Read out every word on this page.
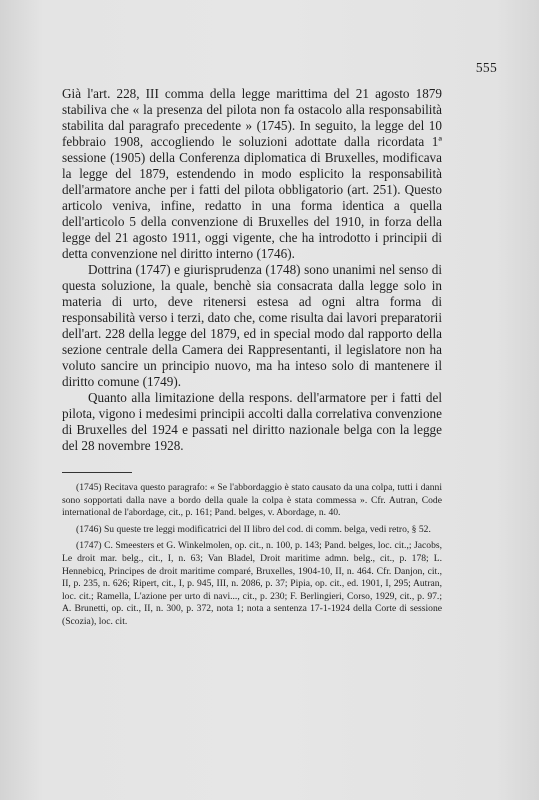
555

Già l'art. 228, III comma della legge marittima del 21 agosto 1879 stabiliva che « la presenza del pilota non fa ostacolo alla responsabilità stabilita dal paragrafo precedente » (1745). In seguito, la legge del 10 febbraio 1908, accogliendo le soluzioni adottate dalla ricordata 1ª sessione (1905) della Conferenza diplomatica di Bruxelles, modificava la legge del 1879, estendendo in modo esplicito la responsabilità dell'armatore anche per i fatti del pilota obbligatorio (art. 251). Questo articolo veniva, infine, redatto in una forma identica a quella dell'articolo 5 della convenzione di Bruxelles del 1910, in forza della legge del 21 agosto 1911, oggi vigente, che ha introdotto i principii di detta convenzione nel diritto interno (1746).

Dottrina (1747) e giurisprudenza (1748) sono unanimi nel senso di questa soluzione, la quale, benchè sia consacrata dalla legge solo in materia di urto, deve ritenersi estesa ad ogni altra forma di responsabilità verso i terzi, dato che, come risulta dai lavori preparatorii dell'art. 228 della legge del 1879, ed in special modo dal rapporto della sezione centrale della Camera dei Rappresentanti, il legislatore non ha voluto sancire un principio nuovo, ma ha inteso solo di mantenere il diritto comune (1749).

Quanto alla limitazione della respons. dell'armatore per i fatti del pilota, vigono i medesimi principii accolti dalla correlativa convenzione di Bruxelles del 1924 e passati nel diritto nazionale belga con la legge del 28 novembre 1928.

(1745) Recitava questo paragrafo: « Se l'abbordaggio è stato causato da una colpa, tutti i danni sono sopportati dalla nave a bordo della quale la colpa è stata commessa ». Cfr. Autran, Code international de l'abordage, cit., p. 161; Pand. belges, v. Abordage, n. 40.

(1746) Su queste tre leggi modificatrici del II libro del cod. di comm. belga, vedi retro, § 52.

(1747) C. Smeesters et G. Winkelmolen, op. cit., n. 100, p. 143; Pand. belges, loc. cit.,; Jacobs, Le droit mar. belg., cit., I, n. 63; Van Bladel, Droit maritime admn. belg., cit., p. 178; L. Hennebicq, Principes de droit maritime comparé, Bruxelles, 1904-10, II, n. 464. Cfr. Danjon, cit., II, p. 235, n. 626; Ripert, cit., I, p. 945, III, n. 2086, p. 37; Pipia, op. cit., ed. 1901, I, 295; Autran, loc. cit.; Ramella, L'azione per urto di navi..., cit., p. 230; F. Berlingieri, Corso, 1929, cit., p. 97.; A. Brunetti, op. cit., II, n. 300, p. 372, nota 1; nota a sentenza 17-1-1924 della Corte di sessione (Scozia), loc. cit.
